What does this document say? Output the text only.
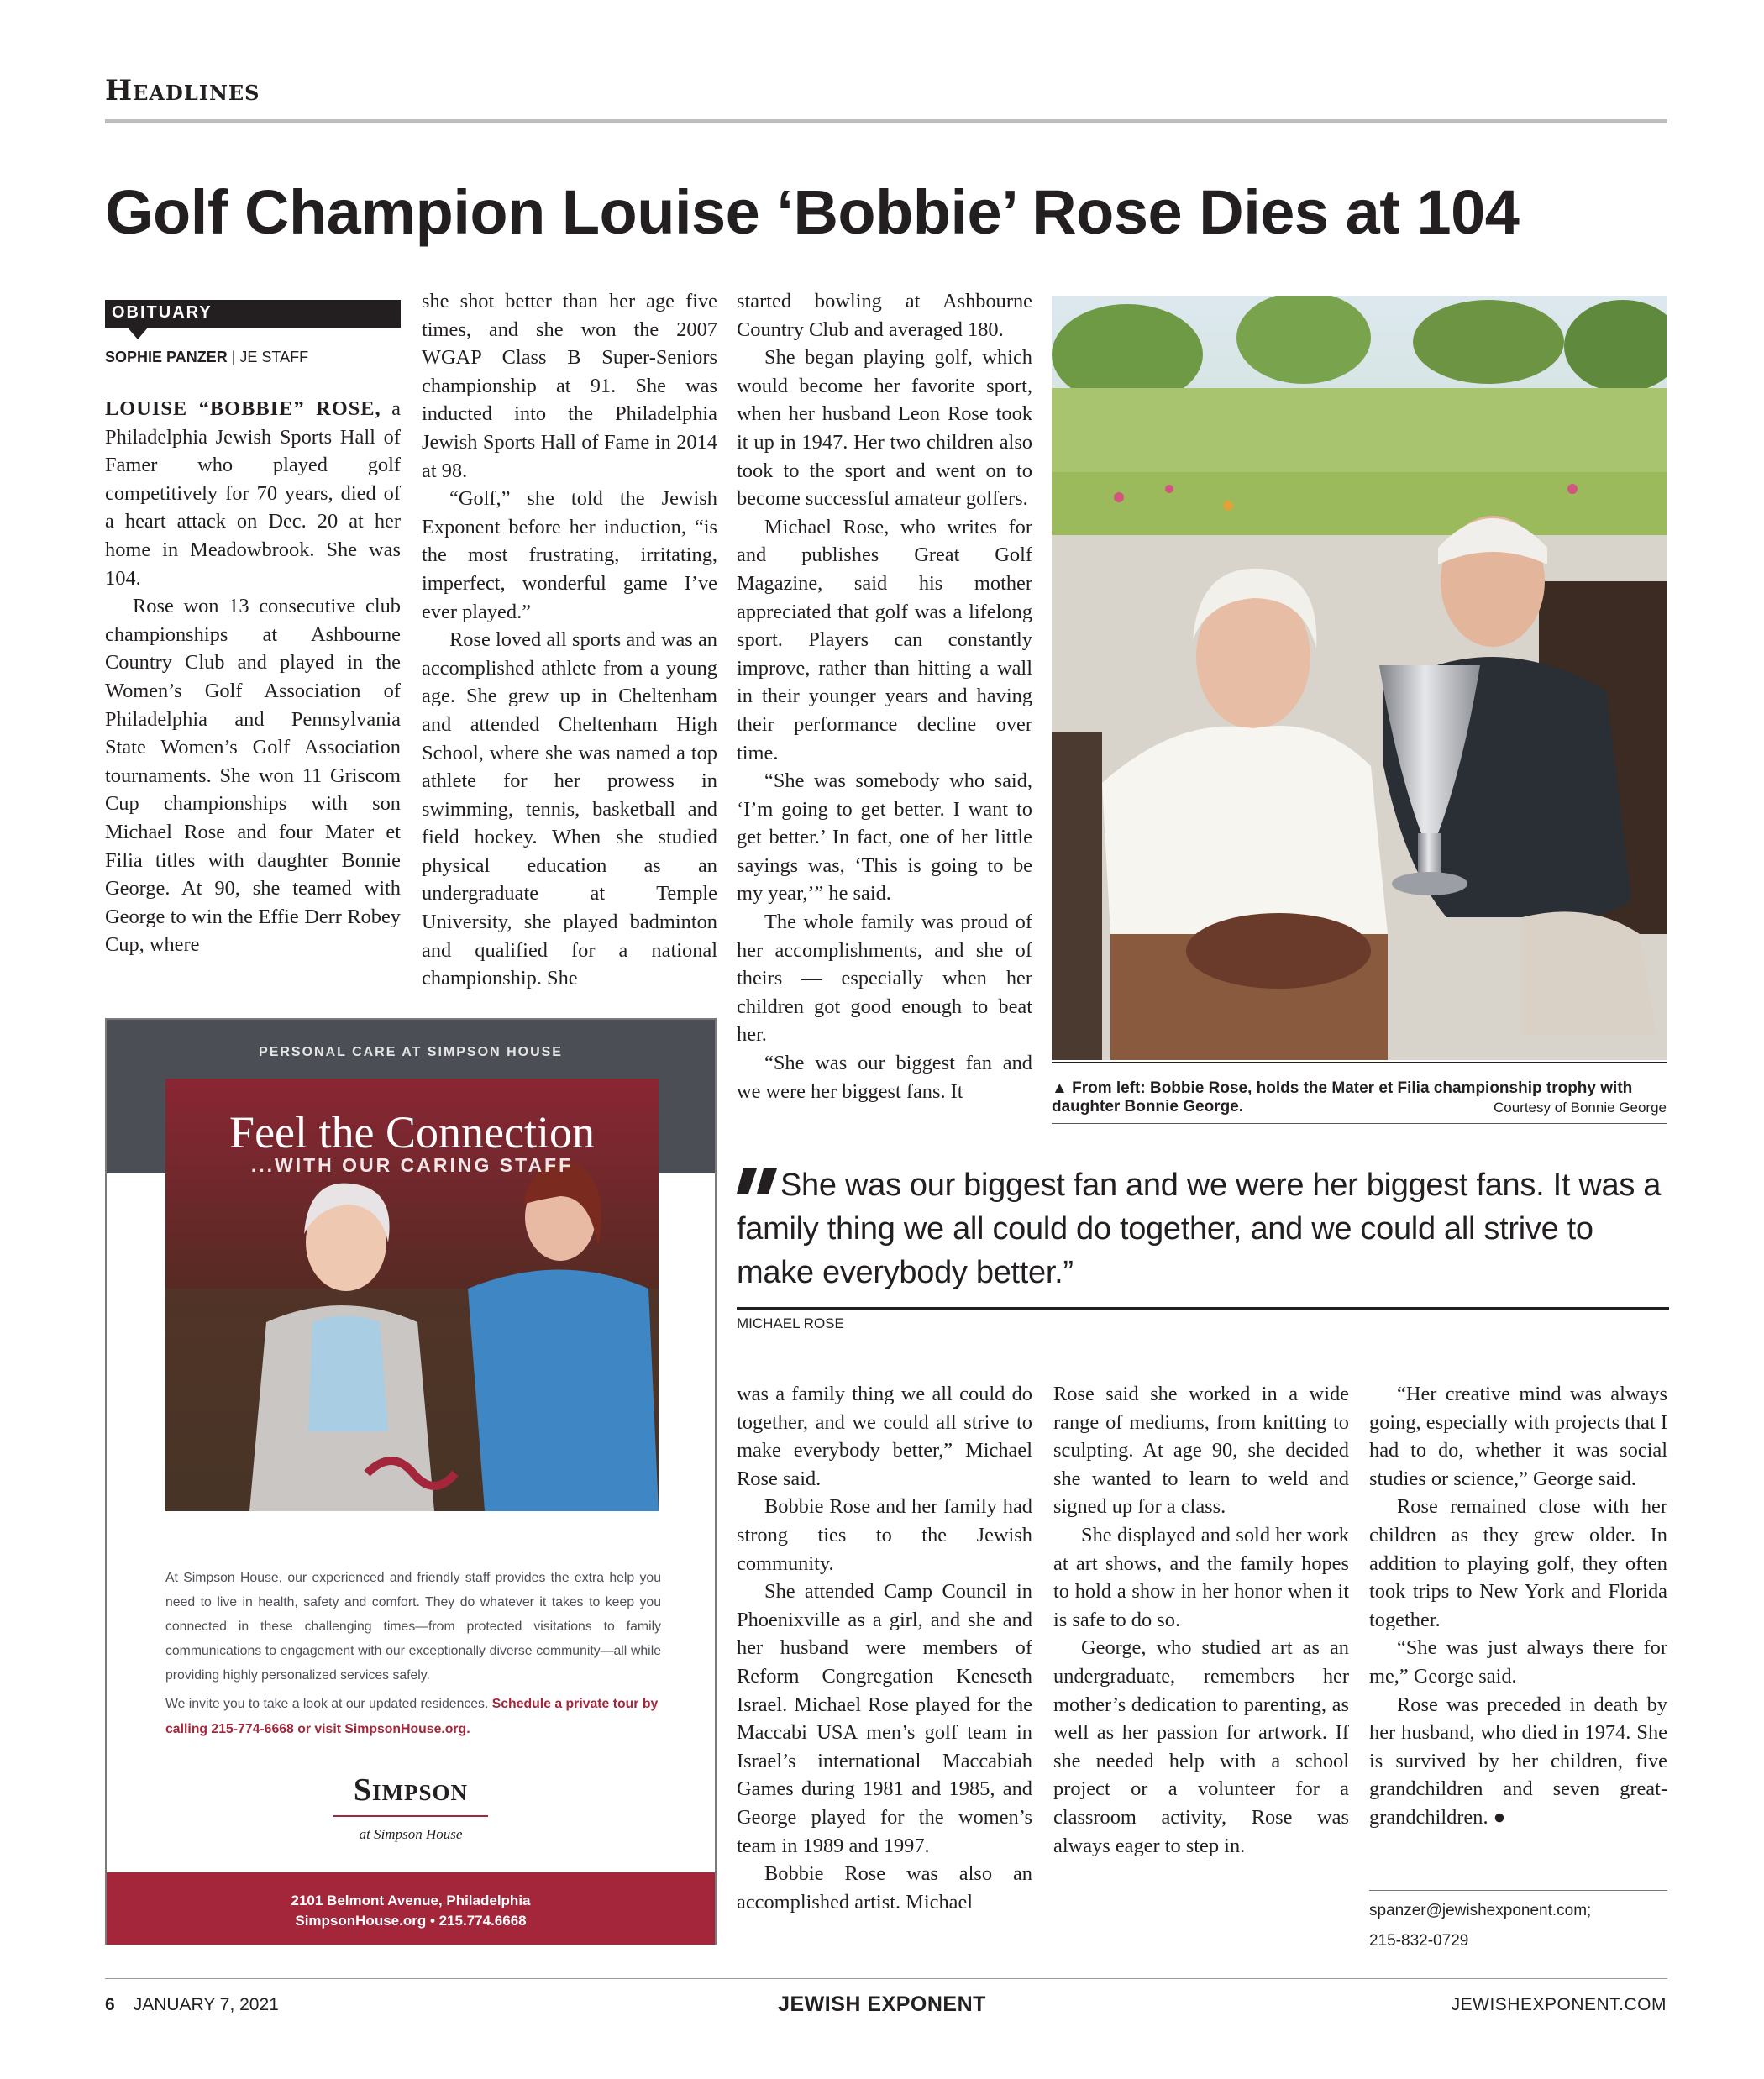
Headlines
Golf Champion Louise ‘Bobbie’ Rose Dies at 104
OBITUARY
SOPHIE PANZER | JE STAFF

LOUISE “BOBBIE” ROSE, a Philadelphia Jewish Sports Hall of Famer who played golf competitively for 70 years, died of a heart attack on Dec. 20 at her home in Meadowbrook. She was 104.

Rose won 13 consecutive club championships at Ashbourne Country Club and played in the Women’s Golf Association of Philadelphia and Pennsylvania State Women’s Golf Association tournaments. She won 11 Griscom Cup championships with son Michael Rose and four Mater et Filia titles with daughter Bonnie George. At 90, she teamed with George to win the Effie Derr Robey Cup, where

she shot better than her age five times, and she won the 2007 WGAP Class B Super-Seniors championship at 91. She was inducted into the Philadelphia Jewish Sports Hall of Fame in 2014 at 98.

“Golf,” she told the Jewish Exponent before her induction, “is the most frustrating, irritating, imperfect, wonderful game I’ve ever played.”

Rose loved all sports and was an accomplished athlete from a young age. She grew up in Cheltenham and attended Cheltenham High School, where she was named a top athlete for her prowess in swimming, tennis, basketball and field hockey. When she studied physical education as an undergraduate at Temple University, she played badminton and qualified for a national championship. She

started bowling at Ashbourne Country Club and averaged 180.

She began playing golf, which would become her favorite sport, when her husband Leon Rose took it up in 1947. Her two children also took to the sport and went on to become successful amateur golfers.

Michael Rose, who writes for and publishes Great Golf Magazine, said his mother appreciated that golf was a lifelong sport. Players can constantly improve, rather than hitting a wall in their younger years and having their performance decline over time.

“She was somebody who said, ‘I’m going to get better. I want to get better.’ In fact, one of her little sayings was, ‘This is going to be my year,’” he said.

The whole family was proud of her accomplishments, and she of theirs — especially when her children got good enough to beat her.

“She was our biggest fan and we were her biggest fans. It	▲ From left: Bobbie Rose, holds the Mater et Filia championship trophy with daughter Bonnie George.	Courtesy of Bonnie George
She was our biggest fan and we were her biggest fans. It was a family thing we all could do together, and we could all strive to make everybody better.”
MICHAEL ROSE

was a family thing we all could do together, and we could all strive to make everybody better,” Michael Rose said.

Bobbie Rose and her family had strong ties to the Jewish community.

She attended Camp Council in Phoenixville as a girl, and she and her husband were members of Reform Congregation Keneseth Israel. Michael Rose played for the Maccabi USA men’s golf team in Israel’s international Maccabiah Games during 1981 and 1985, and George played for the women’s team in 1989 and 1997.

Bobbie Rose was also an accomplished artist. Michael

Rose said she worked in a wide range of mediums, from knitting to sculpting. At age 90, she decided she wanted to learn to weld and signed up for a class.

She displayed and sold her work at art shows, and the family hopes to hold a show in her honor when it is safe to do so.

George, who studied art as an undergraduate, remembers her mother’s dedication to parenting, as well as her passion for artwork. If she needed help with a school project or a volunteer for a classroom activity, Rose was always eager to step in.

“Her creative mind was always going, especially with projects that I had to do, whether it was social studies or science,” George said.

Rose remained close with her children as they grew older. In addition to playing golf, they often took trips to New York and Florida together.

“She was just always there for me,” George said.

Rose was preceded in death by her husband, who died in 1974. She is survived by her children, five grandchildren and seven great-grandchildren. ●

spanzer@jewishexponent.com;
215-832-0729
PERSONAL CARE AT SIMPSON HOUSE
Feel the Connection
...WITH OUR CARING STAFF
At Simpson House, our experienced and friendly staff provides the extra help you need to live in health, safety and comfort. They do whatever it takes to keep you connected in these challenging times—from protected visitations to family communications to engagement with our exceptionally diverse community—all while providing highly personalized services safely.
We invite you to take a look at our updated residences. Schedule a private tour by calling 215-774-6668 or visit SimpsonHouse.org.
Simpson
at Simpson House
2101 Belmont Avenue, Philadelphia
SimpsonHouse.org • 215.774.6668
6 JANUARY 7, 2021	JEWISH EXPONENT	JEWISHEXPONENT.COM
